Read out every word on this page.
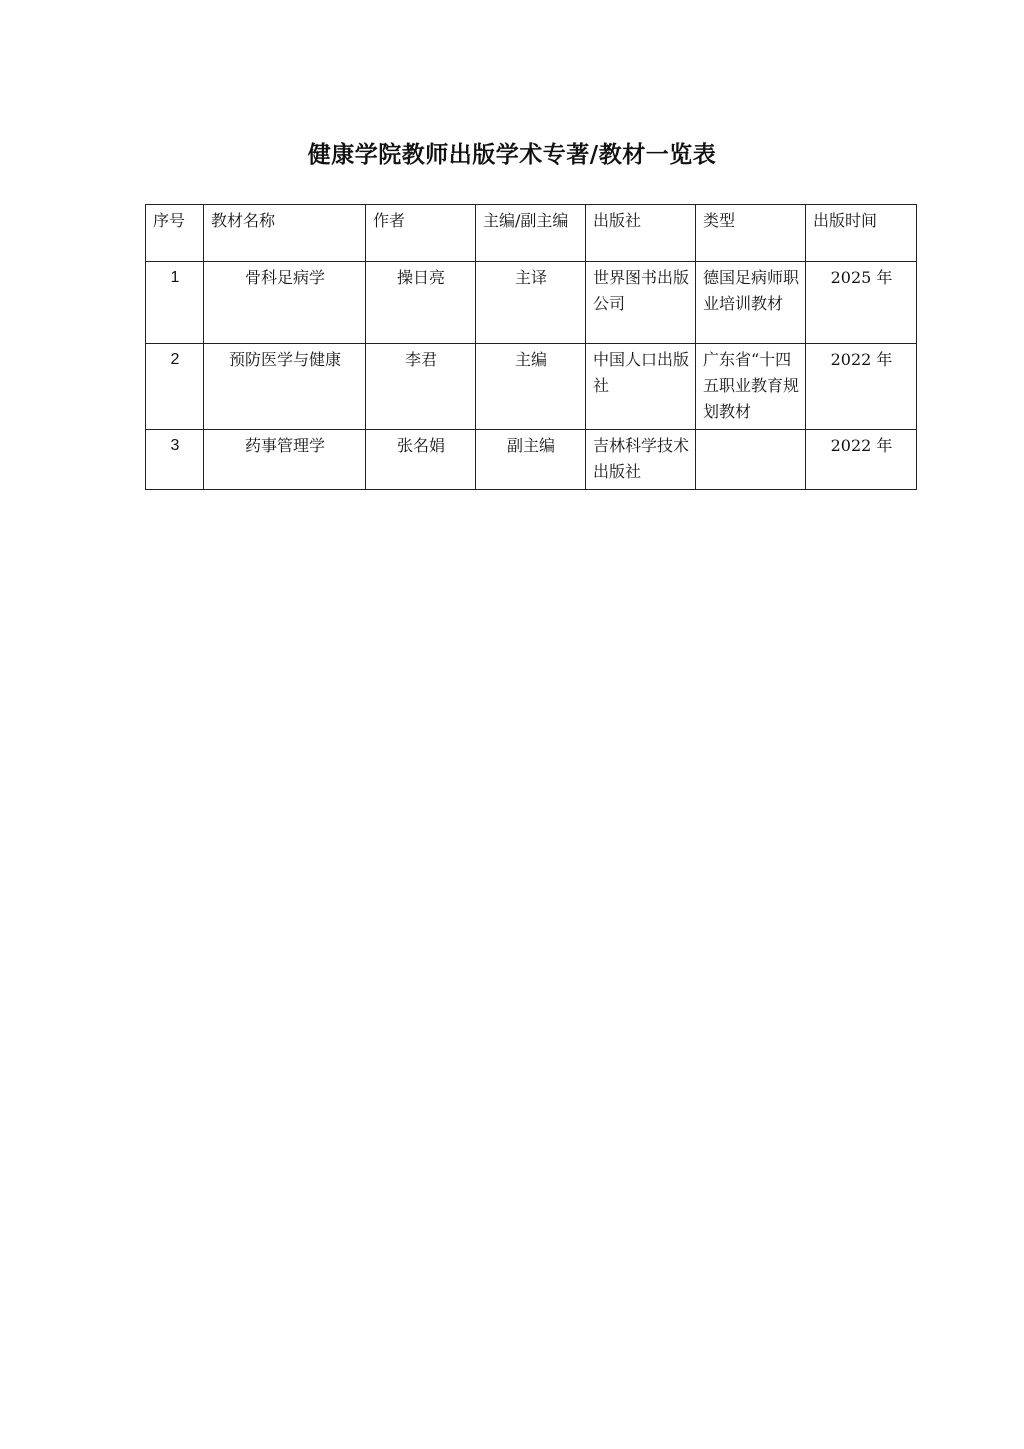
健康学院教师出版学术专著/教材一览表
序号	教材名称	作者	主编/副主编	出版社	类型	出版时间
1	骨科足病学	操日亮	主译	世界图书出版公司	德国足病师职业培训教材	2025 年
2	预防医学与健康	李君	主编	中国人口出版社	广东省“十四五职业教育规划教材	2022 年
3	药事管理学	张名娟	副主编	吉林科学技术出版社		2022 年
